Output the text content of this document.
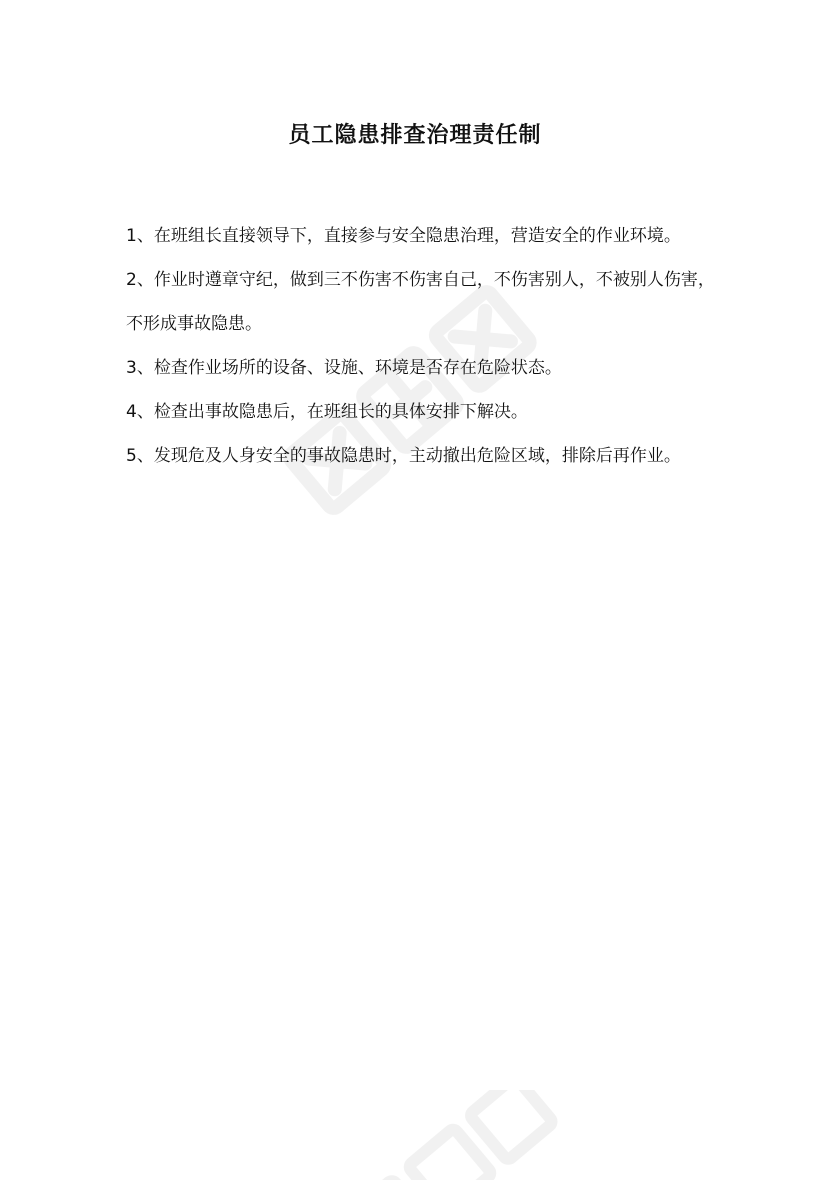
员工隐患排查治理责任制

1、在班组长直接领导下，直接参与安全隐患治理，营造安全的作业环境。

2、作业时遵章守纪，做到三不伤害不伤害自己，不伤害别人，不被别人伤害，不形成事故隐患。

3、检查作业场所的设备、设施、环境是否存在危险状态。

4、检查出事故隐患后，在班组长的具体安排下解决。

5、发现危及人身安全的事故隐患时，主动撤出危险区域，排除后再作业。
